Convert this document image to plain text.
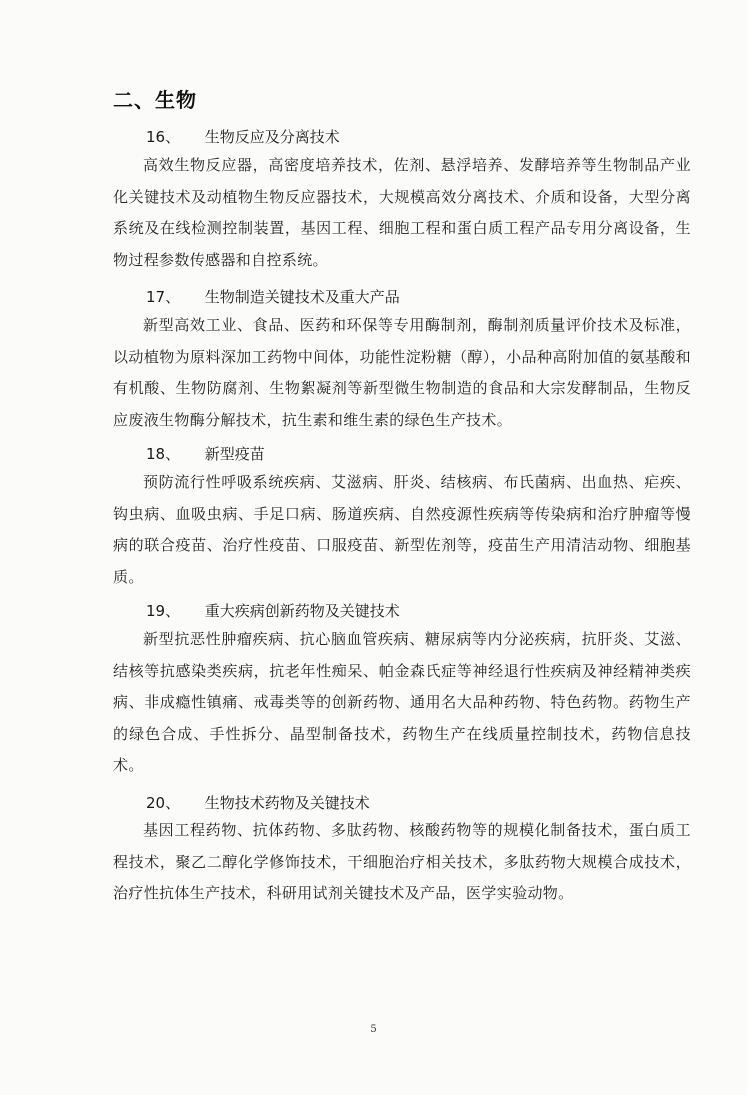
二、生物
16、 生物反应及分离技术
高效生物反应器，高密度培养技术，佐剂、悬浮培养、发酵培养等生物制品产业化关键技术及动植物生物反应器技术，大规模高效分离技术、介质和设备，大型分离系统及在线检测控制装置，基因工程、细胞工程和蛋白质工程产品专用分离设备，生物过程参数传感器和自控系统。
17、 生物制造关键技术及重大产品
新型高效工业、食品、医药和环保等专用酶制剂，酶制剂质量评价技术及标准，以动植物为原料深加工药物中间体，功能性淀粉糖（醇），小品种高附加值的氨基酸和有机酸、生物防腐剂、生物絮凝剂等新型微生物制造的食品和大宗发酵制品，生物反应废液生物酶分解技术，抗生素和维生素的绿色生产技术。
18、 新型疫苗
预防流行性呼吸系统疾病、艾滋病、肝炎、结核病、布氏菌病、出血热、疟疾、钩虫病、血吸虫病、手足口病、肠道疾病、自然疫源性疾病等传染病和治疗肿瘤等慢病的联合疫苗、治疗性疫苗、口服疫苗、新型佐剂等，疫苗生产用清洁动物、细胞基质。
19、 重大疾病创新药物及关键技术
新型抗恶性肿瘤疾病、抗心脑血管疾病、糖尿病等内分泌疾病，抗肝炎、艾滋、结核等抗感染类疾病，抗老年性痴呆、帕金森氏症等神经退行性疾病及神经精神类疾病、非成瘾性镇痛、戒毒类等的创新药物、通用名大品种药物、特色药物。药物生产的绿色合成、手性拆分、晶型制备技术，药物生产在线质量控制技术，药物信息技术。
20、 生物技术药物及关键技术
基因工程药物、抗体药物、多肽药物、核酸药物等的规模化制备技术，蛋白质工程技术，聚乙二醇化学修饰技术，干细胞治疗相关技术，多肽药物大规模合成技术，治疗性抗体生产技术，科研用试剂关键技术及产品，医学实验动物。
5
